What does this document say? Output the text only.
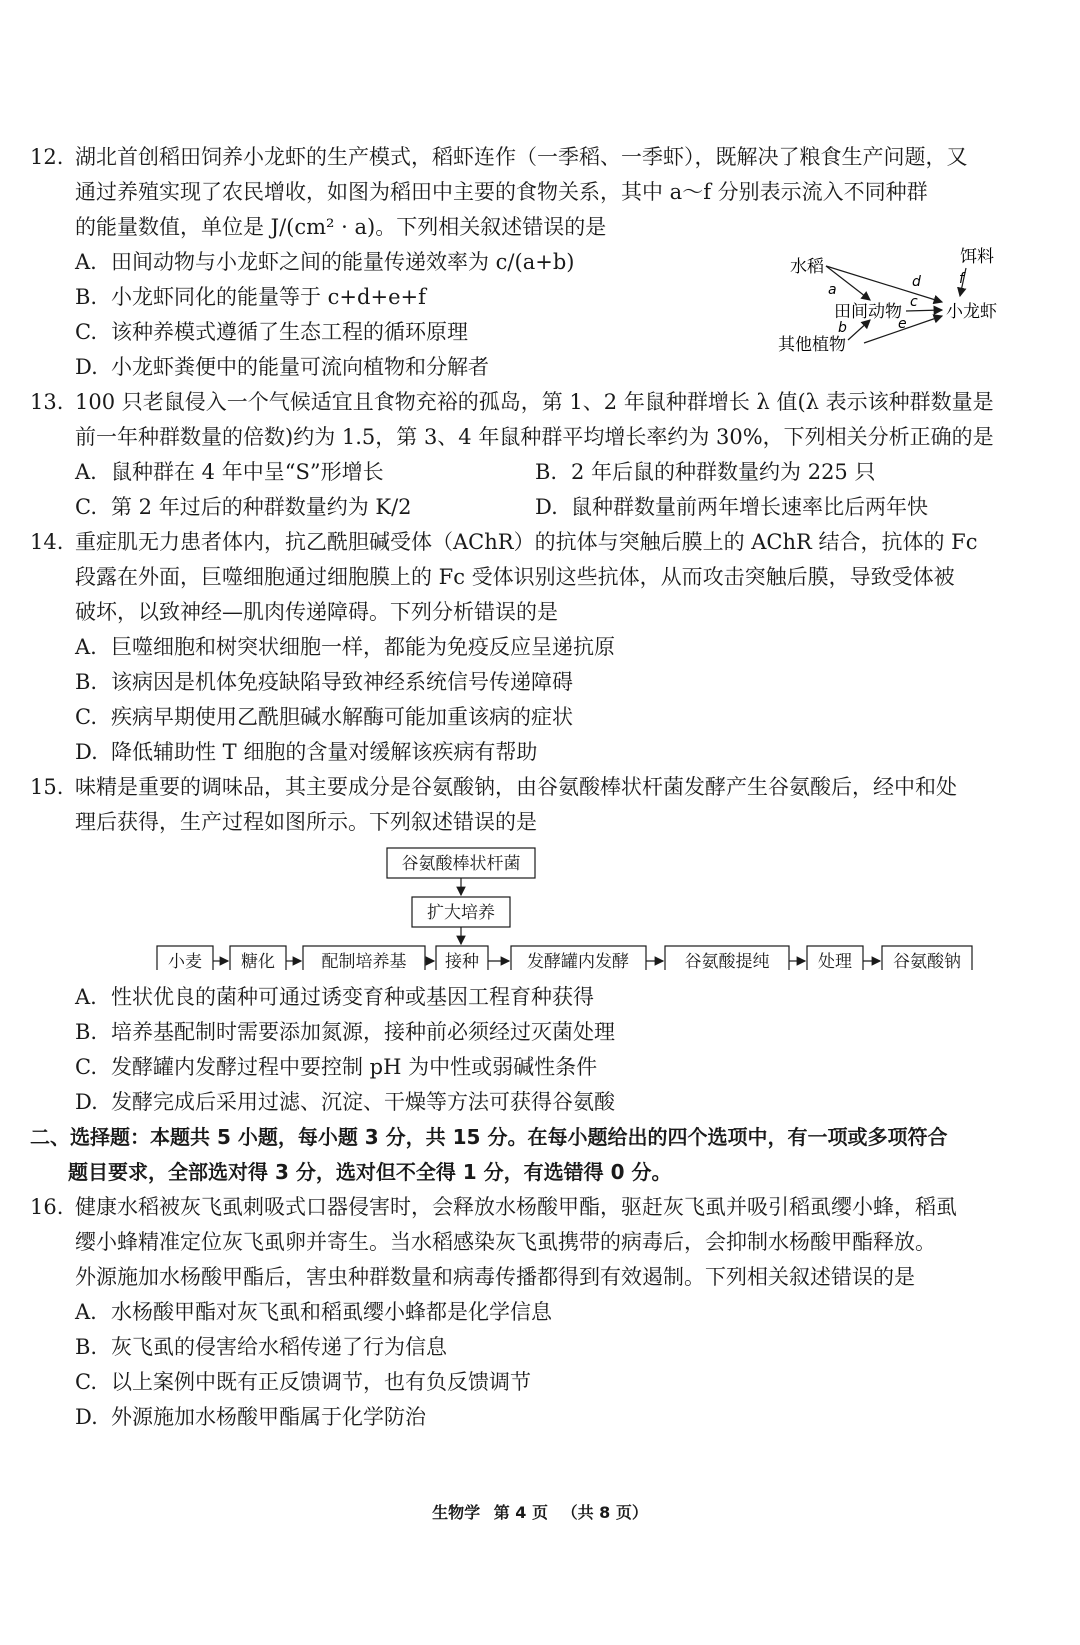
12. 湖北首创稻田饲养小龙虾的生产模式，稻虾连作（一季稻、一季虾），既解决了粮食生产问题，又
通过养殖实现了农民增收，如图为稻田中主要的食物关系，其中 a～f 分别表示流入不同种群
的能量数值，单位是 J/(cm² · a)。下列相关叙述错误的是
A. 田间动物与小龙虾之间的能量传递效率为 c/(a+b)
B. 小龙虾同化的能量等于 c+d+e+f
C. 该种养模式遵循了生态工程的循环原理
D. 小龙虾粪便中的能量可流向植物和分解者
水稻	饵料
田间动物	小龙虾
其他植物
a	d	f
c
b	e
13. 100 只老鼠侵入一个气候适宜且食物充裕的孤岛，第 1、2 年鼠种群增长 λ 值(λ 表示该种群数量是
前一年种群数量的倍数)约为 1.5，第 3、4 年鼠种群平均增长率约为 30%，下列相关分析正确的是
A. 鼠种群在 4 年中呈“S”形增长	B. 2 年后鼠的种群数量约为 225 只
C. 第 2 年过后的种群数量约为 K/2	D. 鼠种群数量前两年增长速率比后两年快
14. 重症肌无力患者体内，抗乙酰胆碱受体（AChR）的抗体与突触后膜上的 AChR 结合，抗体的 Fc
段露在外面，巨噬细胞通过细胞膜上的 Fc 受体识别这些抗体，从而攻击突触后膜，导致受体被
破坏，以致神经—肌肉传递障碍。下列分析错误的是
A. 巨噬细胞和树突状细胞一样，都能为免疫反应呈递抗原
B. 该病因是机体免疫缺陷导致神经系统信号传递障碍
C. 疾病早期使用乙酰胆碱水解酶可能加重该病的症状
D. 降低辅助性 T 细胞的含量对缓解该疾病有帮助
15. 味精是重要的调味品，其主要成分是谷氨酸钠，由谷氨酸棒状杆菌发酵产生谷氨酸后，经中和处
理后获得，生产过程如图所示。下列叙述错误的是
谷氨酸棒状杆菌
扩大培养
小麦 糖化	配制培养基 接种	发酵罐内发酵	谷氨酸提纯	处理 谷氨酸钠
A. 性状优良的菌种可通过诱变育种或基因工程育种获得
B. 培养基配制时需要添加氮源，接种前必须经过灭菌处理
C. 发酵罐内发酵过程中要控制 pH 为中性或弱碱性条件
D. 发酵完成后采用过滤、沉淀、干燥等方法可获得谷氨酸
二、选择题：本题共 5 小题，每小题 3 分，共 15 分。在每小题给出的四个选项中，有一项或多项符合
题目要求，全部选对得 3 分，选对但不全得 1 分，有选错得 0 分。
16. 健康水稻被灰飞虱刺吸式口器侵害时，会释放水杨酸甲酯，驱赶灰飞虱并吸引稻虱缨小蜂，稻虱
缨小蜂精准定位灰飞虱卵并寄生。当水稻感染灰飞虱携带的病毒后，会抑制水杨酸甲酯释放。
外源施加水杨酸甲酯后，害虫种群数量和病毒传播都得到有效遏制。下列相关叙述错误的是
A. 水杨酸甲酯对灰飞虱和稻虱缨小蜂都是化学信息
B. 灰飞虱的侵害给水稻传递了行为信息
C. 以上案例中既有正反馈调节，也有负反馈调节
D. 外源施加水杨酸甲酯属于化学防治
生物学 第 4 页 （共 8 页）
